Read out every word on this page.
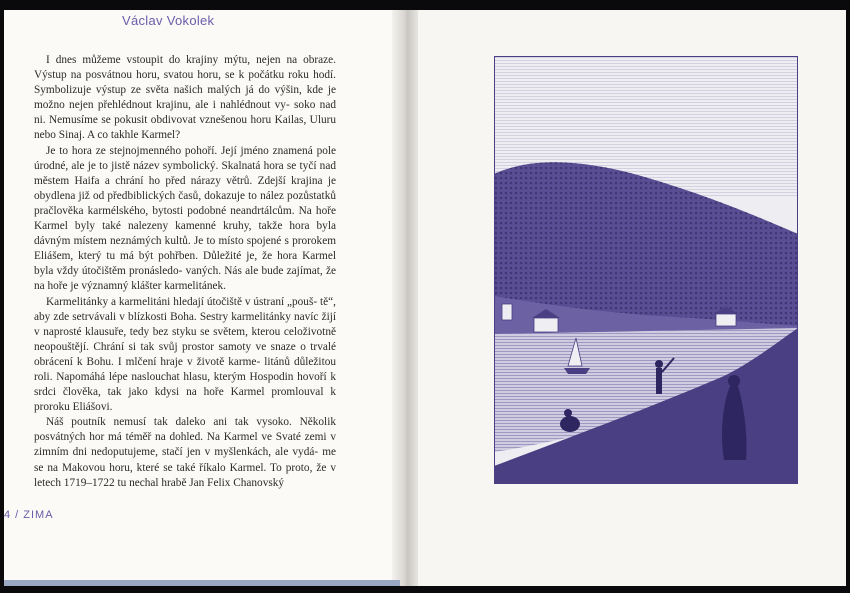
Václav Vokolek

I dnes můžeme vstoupit do krajiny mýtu, nejen na obraze. Výstup na posvátnou horu, svatou horu, se k počátku roku hodí. Symbolizuje výstup ze světa našich malých já do výšin, kde je možno nejen přehlédnout krajinu, ale i nahlédnout vy- soko nad ni. Nemusíme se pokusit obdivovat vznešenou horu Kailas, Uluru nebo Sinaj. A co takhle Karmel?

Je to hora ze stejnojmenného pohoří. Její jméno znamená pole úrodné, ale je to jistě název symbolický. Skalnatá hora se tyčí nad městem Haifa a chrání ho před nárazy větrů. Zdejší krajina je obydlena již od předbiblických časů, dokazuje to nález pozůstatků pračlověka karmélského, bytosti podobné neandrtálcům. Na hoře Karmel byly také nalezeny kamenné kruhy, takže hora byla dávným místem neznámých kultů. Je to místo spojené s prorokem Eliášem, který tu má být pohřben. Důležité je, že hora Karmel byla vždy útočištěm pronásledo- vaných. Nás ale bude zajímat, že na hoře je významný klášter karmelitánek.

Karmelitánky a karmelitáni hledají útočiště v ústraní „pouš- tě“, aby zde setrvávali v blízkosti Boha. Sestry karmelitánky navíc žijí v naprosté klausuře, tedy bez styku se světem, kterou celoživotně neopouštějí. Chrání si tak svůj prostor samoty ve snaze o trvalé obrácení k Bohu. I mlčení hraje v životě karme- litánů důležitou roli. Napomáhá lépe naslouchat hlasu, kterým Hospodin hovoří k srdci člověka, tak jako kdysi na hoře Karmel promlouval k proroku Eliášovi.

Náš poutník nemusí tak daleko ani tak vysoko. Několik posvátných hor má téměř na dohled. Na Karmel ve Svaté zemi v zimním dni nedoputujeme, stačí jen v myšlenkách, ale vydá- me se na Makovou horu, které se také říkalo Karmel. To proto, že v letech 1719–1722 tu nechal hrabě Jan Felix Chanovský

4 / ZIMA
